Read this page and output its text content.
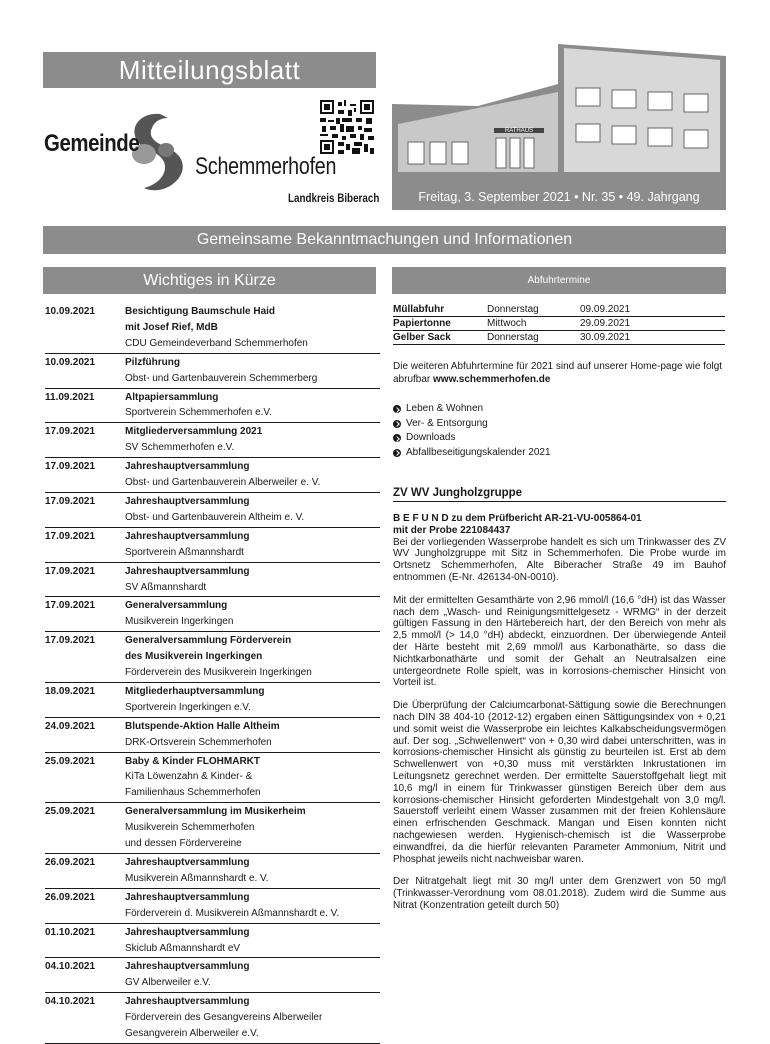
Mitteilungsblatt
Gemeinde
Schemmerhofen
Landkreis Biberach
RATHAUS
Freitag, 3. September 2021 • Nr. 35 • 49. Jahrgang
Gemeinsame Bekanntmachungen und Informationen
Wichtiges in Kürze	Abfuhrtermine
10.09.2021	Besichtigung Baumschule Haid
mit Josef Rief, MdB
CDU Gemeindeverband Schemmerhofen
10.09.2021	Pilzführung
Obst- und Gartenbauverein Schemmerberg
11.09.2021	Altpapiersammlung
Sportverein Schemmerhofen e.V.
17.09.2021	Mitgliederversammlung 2021
SV Schemmerhofen e.V.
17.09.2021	Jahreshauptversammlung
Obst- und Gartenbauverein Alberweiler e. V.
17.09.2021	Jahreshauptversammlung
Obst- und Gartenbauverein Altheim e. V.
17.09.2021	Jahreshauptversammlung
Sportverein Aßmannshardt
17.09.2021	Jahreshauptversammlung
SV Aßmannshardt
17.09.2021	Generalversammlung
Musikverein Ingerkingen
17.09.2021	Generalversammlung Förderverein
des Musikverein Ingerkingen
Förderverein des Musikverein Ingerkingen
18.09.2021	Mitgliederhauptversammlung
Sportverein Ingerkingen e.V.
24.09.2021	Blutspende-Aktion Halle Altheim
DRK-Ortsverein Schemmerhofen
25.09.2021	Baby & Kinder FLOHMARKT
KiTa Löwenzahn & Kinder- &
Familienhaus Schemmerhofen
25.09.2021	Generalversammlung im Musikerheim
Musikverein Schemmerhofen
und dessen Fördervereine
26.09.2021	Jahreshauptversammlung
Musikverein Aßmannshardt e. V.
26.09.2021	Jahreshauptversammlung
Förderverein d. Musikverein Aßmannshardt e. V.
01.10.2021	Jahreshauptversammlung
Skiclub Aßmannshardt eV
04.10.2021	Jahreshauptversammlung
GV Alberweiler e.V.
04.10.2021	Jahreshauptversammlung
Förderverein des Gesangvereins Alberweiler
Gesangverein Alberweiler e.V.
Müllabfuhr	Donnerstag	09.09.2021
Papiertonne	Mittwoch	29.09.2021
Gelber Sack	Donnerstag	30.09.2021
Die weiteren Abfuhrtermine für 2021 sind auf unserer Home-page wie folgt abrufbar www.schemmerhofen.de
Leben & Wohnen
Ver- & Entsorgung
Downloads
Abfallbeseitigungskalender 2021
ZV WV Jungholzgruppe
B E F U N D zu dem Prüfbericht AR-21-VU-005864-01
mit der Probe 221084437

Bei der vorliegenden Wasserprobe handelt es sich um Trinkwasser des ZV WV Jungholzgruppe mit Sitz in Schemmerhofen. Die Probe wurde im Ortsnetz Schemmerhofen, Alte Biberacher Straße 49 im Bauhof entnommen (E-Nr. 426134-0N-0010).

Mit der ermittelten Gesamthärte von 2,96 mmol/l (16,6 °dH) ist das Wasser nach dem „Wasch- und Reinigungsmittelgesetz - WRMG“ in der derzeit gültigen Fassung in den Härtebereich hart, der den Bereich von mehr als 2,5 mmol/l (> 14,0 °dH) abdeckt, einzuordnen. Der überwiegende Anteil der Härte besteht mit 2,69 mmol/l aus Karbonathärte, so dass die Nichtkarbonathärte und somit der Gehalt an Neutralsalzen eine untergeordnete Rolle spielt, was in korrosions-chemischer Hinsicht von Vorteil ist.

Die Überprüfung der Calciumcarbonat-Sättigung sowie die Berechnungen nach DIN 38 404-10 (2012-12) ergaben einen Sättigungsindex von + 0,21 und somit weist die Wasserprobe ein leichtes Kalkabscheidungsvermögen auf. Der sog. „Schwellenwert“ von + 0,30 wird dabei unterschritten, was in korrosions-chemischer Hinsicht als günstig zu beurteilen ist. Erst ab dem Schwellenwert von +0,30 muss mit verstärkten Inkrustationen im Leitungsnetz gerechnet werden. Der ermittelte Sauerstoffgehalt liegt mit 10,6 mg/l in einem für Trinkwasser günstigen Bereich über dem aus korrosions-chemischer Hinsicht geforderten Mindestgehalt von 3,0 mg/l. Sauerstoff verleiht einem Wasser zusammen mit der freien Kohlensäure einen erfrischenden Geschmack. Mangan und Eisen konnten nicht nachgewiesen werden. Hygienisch-chemisch ist die Wasserprobe einwandfrei, da die hierfür relevanten Parameter Ammonium, Nitrit und Phosphat jeweils nicht nachweisbar waren.

Der Nitratgehalt liegt mit 30 mg/l unter dem Grenzwert von 50 mg/l (Trinkwasser-Verordnung vom 08.01.2018). Zudem wird die Summe aus Nitrat (Konzentration geteilt durch 50)
